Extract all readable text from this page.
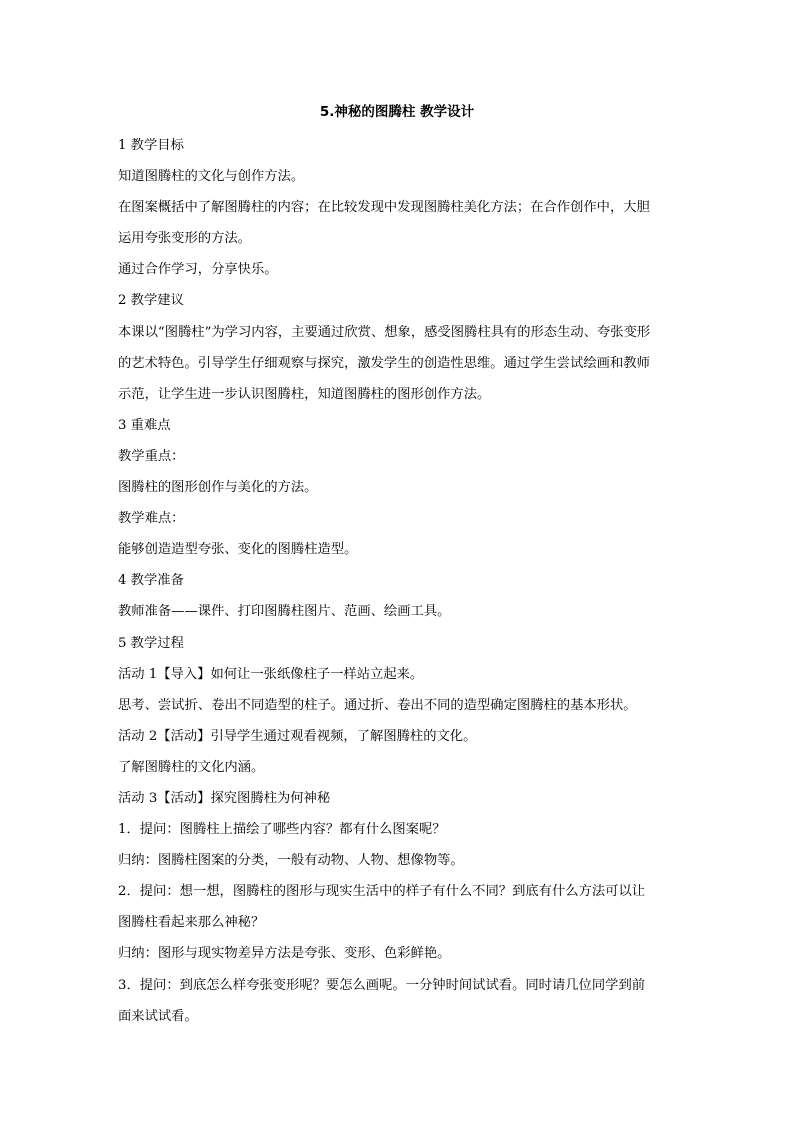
5.神秘的图腾柱 教学设计
1 教学目标
知道图腾柱的文化与创作方法。
在图案概括中了解图腾柱的内容；在比较发现中发现图腾柱美化方法；在合作创作中，大胆
运用夸张变形的方法。
通过合作学习，分享快乐。
2 教学建议
本课以“图腾柱”为学习内容，主要通过欣赏、想象，感受图腾柱具有的形态生动、夸张变形
的艺术特色。引导学生仔细观察与探究，激发学生的创造性思维。通过学生尝试绘画和教师
示范，让学生进一步认识图腾柱，知道图腾柱的图形创作方法。
3 重难点
教学重点：
图腾柱的图形创作与美化的方法。
教学难点：
能够创造造型夸张、变化的图腾柱造型。
4 教学准备
教师准备——课件、打印图腾柱图片、范画、绘画工具。
5 教学过程
活动 1【导入】如何让一张纸像柱子一样站立起来。
思考、尝试折、卷出不同造型的柱子。通过折、卷出不同的造型确定图腾柱的基本形状。
活动 2【活动】引导学生通过观看视频，了解图腾柱的文化。
了解图腾柱的文化内涵。
活动 3【活动】探究图腾柱为何神秘
1．提问：图腾柱上描绘了哪些内容？都有什么图案呢？
归纳：图腾柱图案的分类，一般有动物、人物、想像物等。
2．提问：想一想，图腾柱的图形与现实生活中的样子有什么不同？到底有什么方法可以让
图腾柱看起来那么神秘？
归纳：图形与现实物差异方法是夸张、变形、色彩鲜艳。
3．提问：到底怎么样夸张变形呢？要怎么画呢。一分钟时间试试看。同时请几位同学到前
面来试试看。
